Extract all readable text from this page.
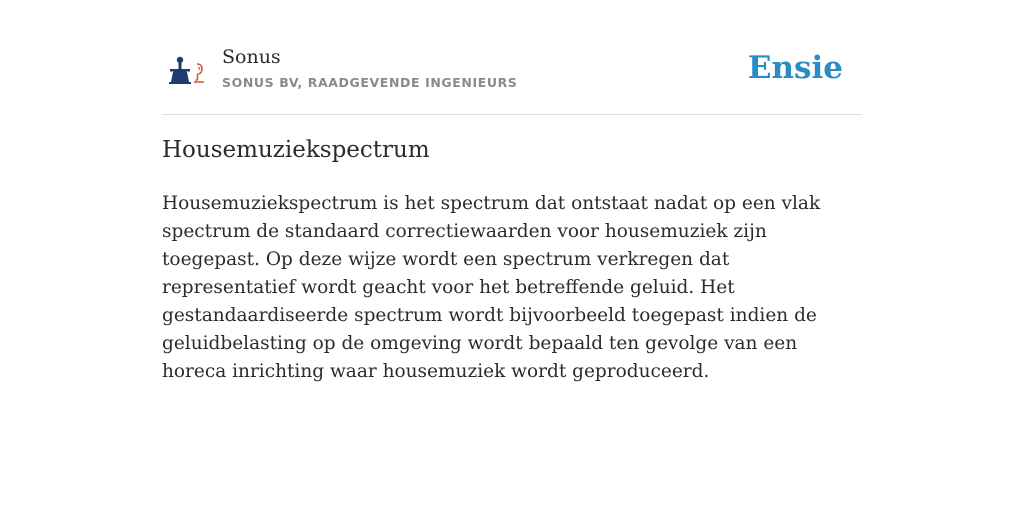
Sonus
SONUS BV, RAADGEVENDE INGENIEURS	Ensie
Housemuziekspectrum

Housemuziekspectrum is het spectrum dat ontstaat nadat op een vlak spectrum de standaard correctiewaarden voor housemuziek zijn toegepast. Op deze wijze wordt een spectrum verkregen dat representatief wordt geacht voor het betreffende geluid. Het gestandaardiseerde spectrum wordt bijvoorbeeld toegepast indien de geluidbelasting op de omgeving wordt bepaald ten gevolge van een horeca inrichting waar housemuziek wordt geproduceerd.
